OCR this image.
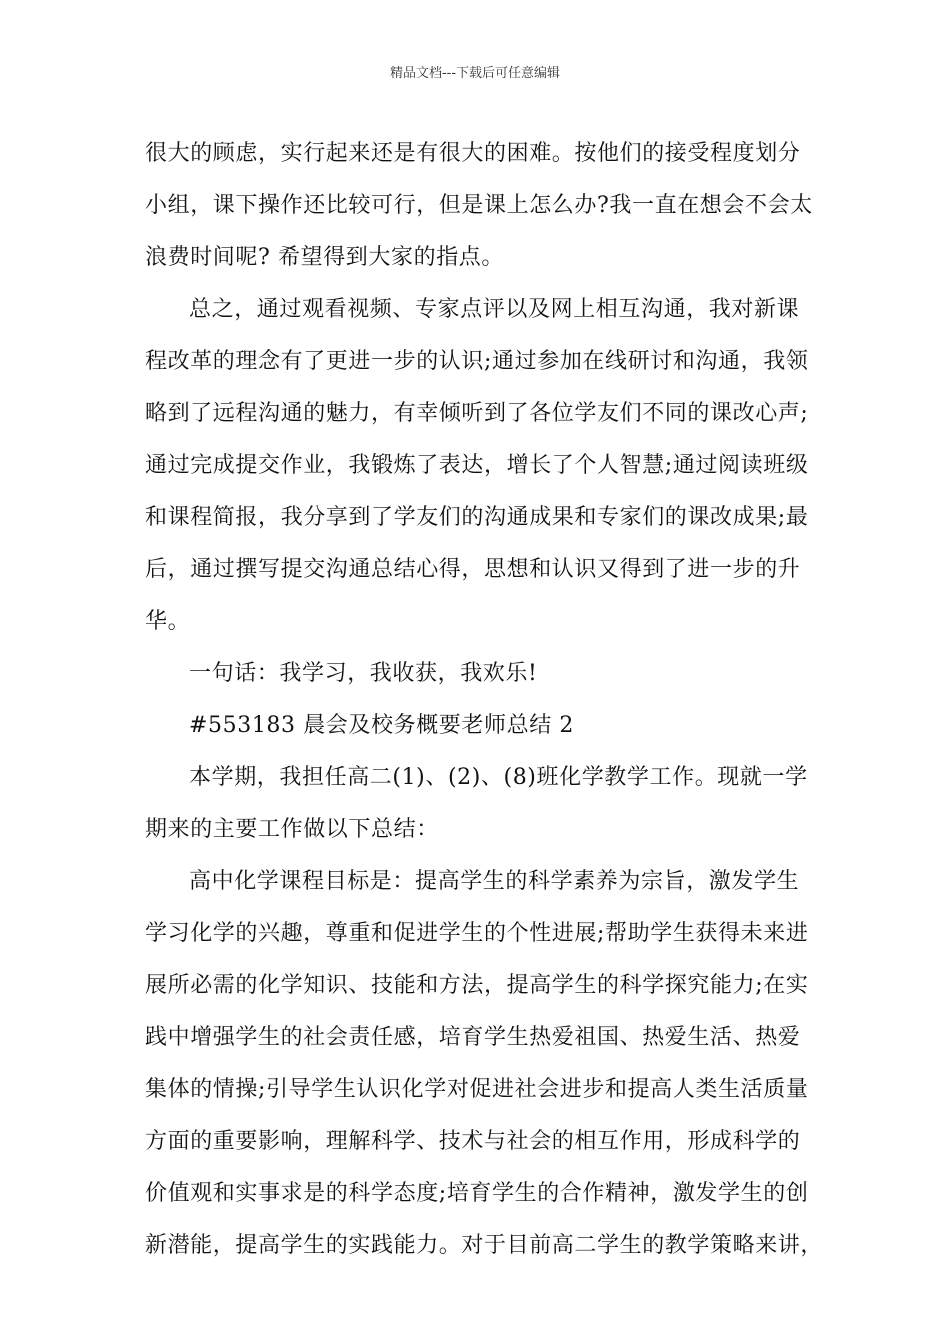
精品文档---下载后可任意编辑
很大的顾虑，实行起来还是有很大的困难。按他们的接受程度划分
小组，课下操作还比较可行，但是课上怎么办?我一直在想会不会太
浪费时间呢? 希望得到大家的指点。
总之，通过观看视频、专家点评以及网上相互沟通，我对新课
程改革的理念有了更进一步的认识;通过参加在线研讨和沟通，我领
略到了远程沟通的魅力，有幸倾听到了各位学友们不同的课改心声;
通过完成提交作业，我锻炼了表达，增长了个人智慧;通过阅读班级
和课程简报，我分享到了学友们的沟通成果和专家们的课改成果;最
后，通过撰写提交沟通总结心得，思想和认识又得到了进一步的升
华。
一句话：我学习，我收获，我欢乐!
#553183 晨会及校务概要老师总结 2
本学期，我担任高二(1)、(2)、(8)班化学教学工作。现就一学
期来的主要工作做以下总结：
高中化学课程目标是：提高学生的科学素养为宗旨，激发学生
学习化学的兴趣，尊重和促进学生的个性进展;帮助学生获得未来进
展所必需的化学知识、技能和方法，提高学生的科学探究能力;在实
践中增强学生的社会责任感，培育学生热爱祖国、热爱生活、热爱
集体的情操;引导学生认识化学对促进社会进步和提高人类生活质量
方面的重要影响，理解科学、技术与社会的相互作用，形成科学的
价值观和实事求是的科学态度;培育学生的合作精神，激发学生的创
新潜能，提高学生的实践能力。对于目前高二学生的教学策略来讲，
